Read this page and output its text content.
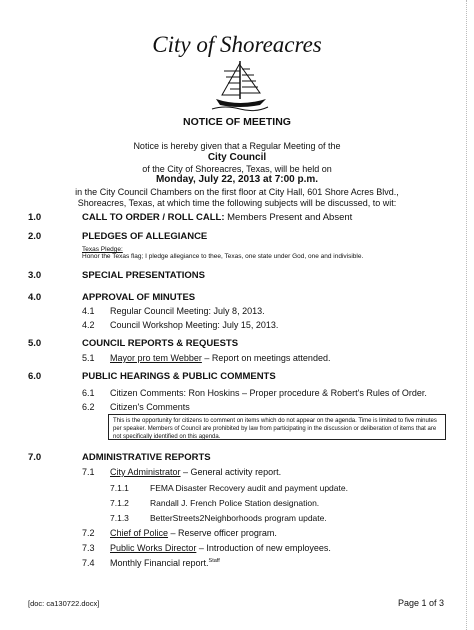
City of Shoreacres
NOTICE OF MEETING
Notice is hereby given that a Regular Meeting of the
City Council
of the City of Shoreacres, Texas, will be held on
Monday, July 22, 2013 at 7:00 p.m.
in the City Council Chambers on the first floor at City Hall, 601 Shore Acres Blvd.,
Shoreacres, Texas, at which time the following subjects will be discussed, to wit:
1.0	CALL TO ORDER / ROLL CALL: Members Present and Absent
2.0	PLEDGES OF ALLEGIANCE
Texas Pledge:
Honor the Texas flag; I pledge allegiance to thee, Texas, one state under God, one and indivisible.
3.0	SPECIAL PRESENTATIONS
4.0	APPROVAL OF MINUTES
4.1 Regular Council Meeting: July 8, 2013.
4.2 Council Workshop Meeting: July 15, 2013.
5.0	COUNCIL REPORTS & REQUESTS
5.1 Mayor pro tem Webber – Report on meetings attended.
6.0	PUBLIC HEARINGS & PUBLIC COMMENTS
6.1 Citizen Comments: Ron Hoskins – Proper procedure & Robert's Rules of Order.
6.2 Citizen's Comments
This is the opportunity for citizens to comment on items which do not appear on the agenda. Time is limited to five minutes per speaker. Members of Council are prohibited by law from participating in the discussion or deliberation of items that are not specifically identified on this agenda.
7.0	ADMINISTRATIVE REPORTS
7.1 City Administrator – General activity report.
7.1.1 FEMA Disaster Recovery audit and payment update.
7.1.2 Randall J. French Police Station designation.
7.1.3 BetterStreets2Neighborhoods program update.
7.2 Chief of Police – Reserve officer program.
7.3 Public Works Director – Introduction of new employees.
7.4 Monthly Financial report.$^{Staff}$
[doc: ca130722.docx]	Page 1 of 3
